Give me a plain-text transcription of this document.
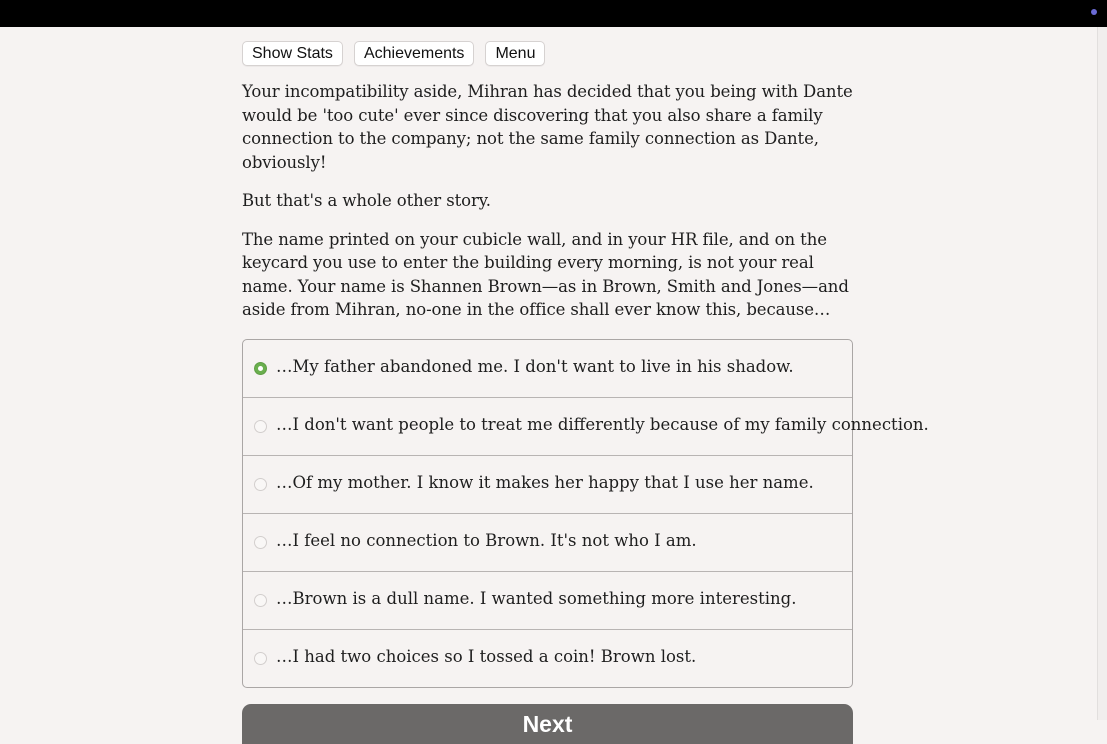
Show Stats	Achievements	Menu

Your incompatibility aside, Mihran has decided that you being with Dante would be 'too cute' ever since discovering that you also share a family connection to the company; not the same family connection as Dante, obviously!

But that's a whole other story.

The name printed on your cubicle wall, and in your HR file, and on the keycard you use to enter the building every morning, is not your real name. Your name is Shannen Brown—as in Brown, Smith and Jones—and aside from Mihran, no-one in the office shall ever know this, because…

…My father abandoned me. I don't want to live in his shadow.
…I don't want people to treat me differently because of my family connection.
…Of my mother. I know it makes her happy that I use her name.
…I feel no connection to Brown. It's not who I am.
…Brown is a dull name. I wanted something more interesting.
…I had two choices so I tossed a coin! Brown lost.
Next
